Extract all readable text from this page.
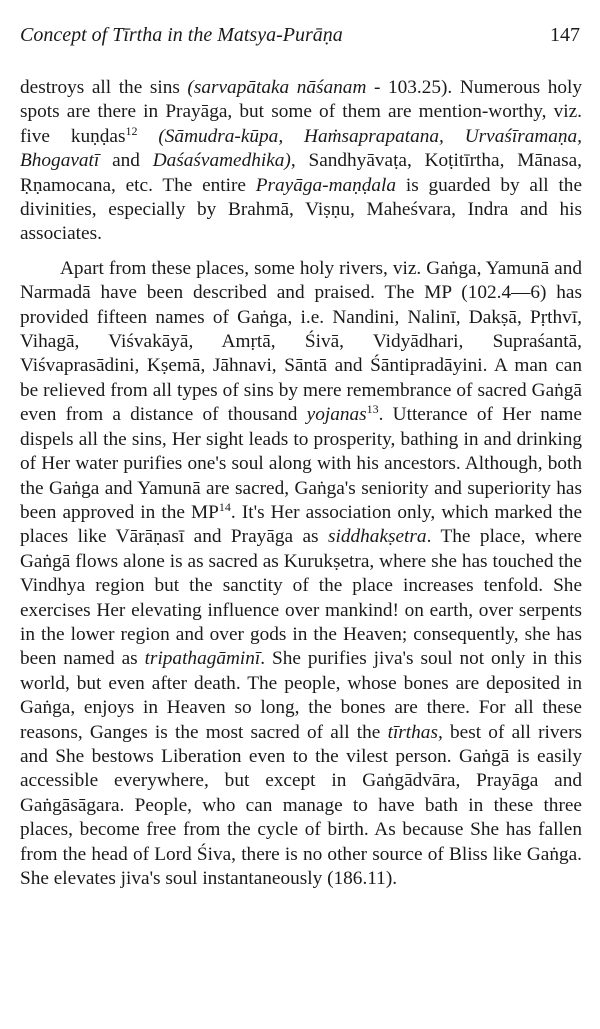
Concept of Tīrtha in the Matsya-Purāṇa	147

destroys all the sins (sarvapātaka nāśanam - 103.25). Numerous holy spots are there in Prayāga, but some of them are mention-worthy, viz. five kuṇḍas$^{12}$ (Sāmudra-kūpa, Haṁsaprapatana, Urvaśīramaṇa, Bhogavatī and Daśaśvamedhika), Sandhyāvaṭa, Koṭitīrtha, Mānasa, Ṛṇamocana, etc. The entire Prayāga-maṇḍala is guarded by all the divinities, especially by Brahmā, Viṣṇu, Maheśvara, Indra and his associates.

Apart from these places, some holy rivers, viz. Gaṅga, Yamunā and Narmadā have been described and praised. The MP (102.4—6) has provided fifteen names of Gaṅga, i.e. Nandini, Nalinī, Dakṣā, Pṛthvī, Vihagā, Viśvakāyā, Amṛtā, Śivā, Vidyādhari, Supraśantā, Viśvaprasādini, Kṣemā, Jāhnavi, Sāntā and Śāntipradāyini. A man can be relieved from all types of sins by mere remembrance of sacred Gaṅgā even from a distance of thousand yojanas$^{13}$. Utterance of Her name dispels all the sins, Her sight leads to prosperity, bathing in and drinking of Her water purifies one's soul along with his ancestors. Although, both the Gaṅga and Yamunā are sacred, Gaṅga's seniority and superiority has been approved in the MP$^{14}$. It's Her association only, which marked the places like Vārāṇasī and Prayāga as siddhakṣetra. The place, where Gaṅgā flows alone is as sacred as Kurukṣetra, where she has touched the Vindhya region but the sanctity of the place increases tenfold. She exercises Her elevating influence over mankind! on earth, over serpents in the lower region and over gods in the Heaven; consequently, she has been named as tripathagāminī. She purifies jiva's soul not only in this world, but even after death. The people, whose bones are deposited in Gaṅga, enjoys in Heaven so long, the bones are there. For all these reasons, Ganges is the most sacred of all the tīrthas, best of all rivers and She bestows Liberation even to the vilest person. Gaṅgā is easily accessible everywhere, but except in Gaṅgādvāra, Prayāga and Gaṅgāsāgara. People, who can manage to have bath in these three places, become free from the cycle of birth. As because She has fallen from the head of Lord Śiva, there is no other source of Bliss like Gaṅga. She elevates jiva's soul instantaneously (186.11).
